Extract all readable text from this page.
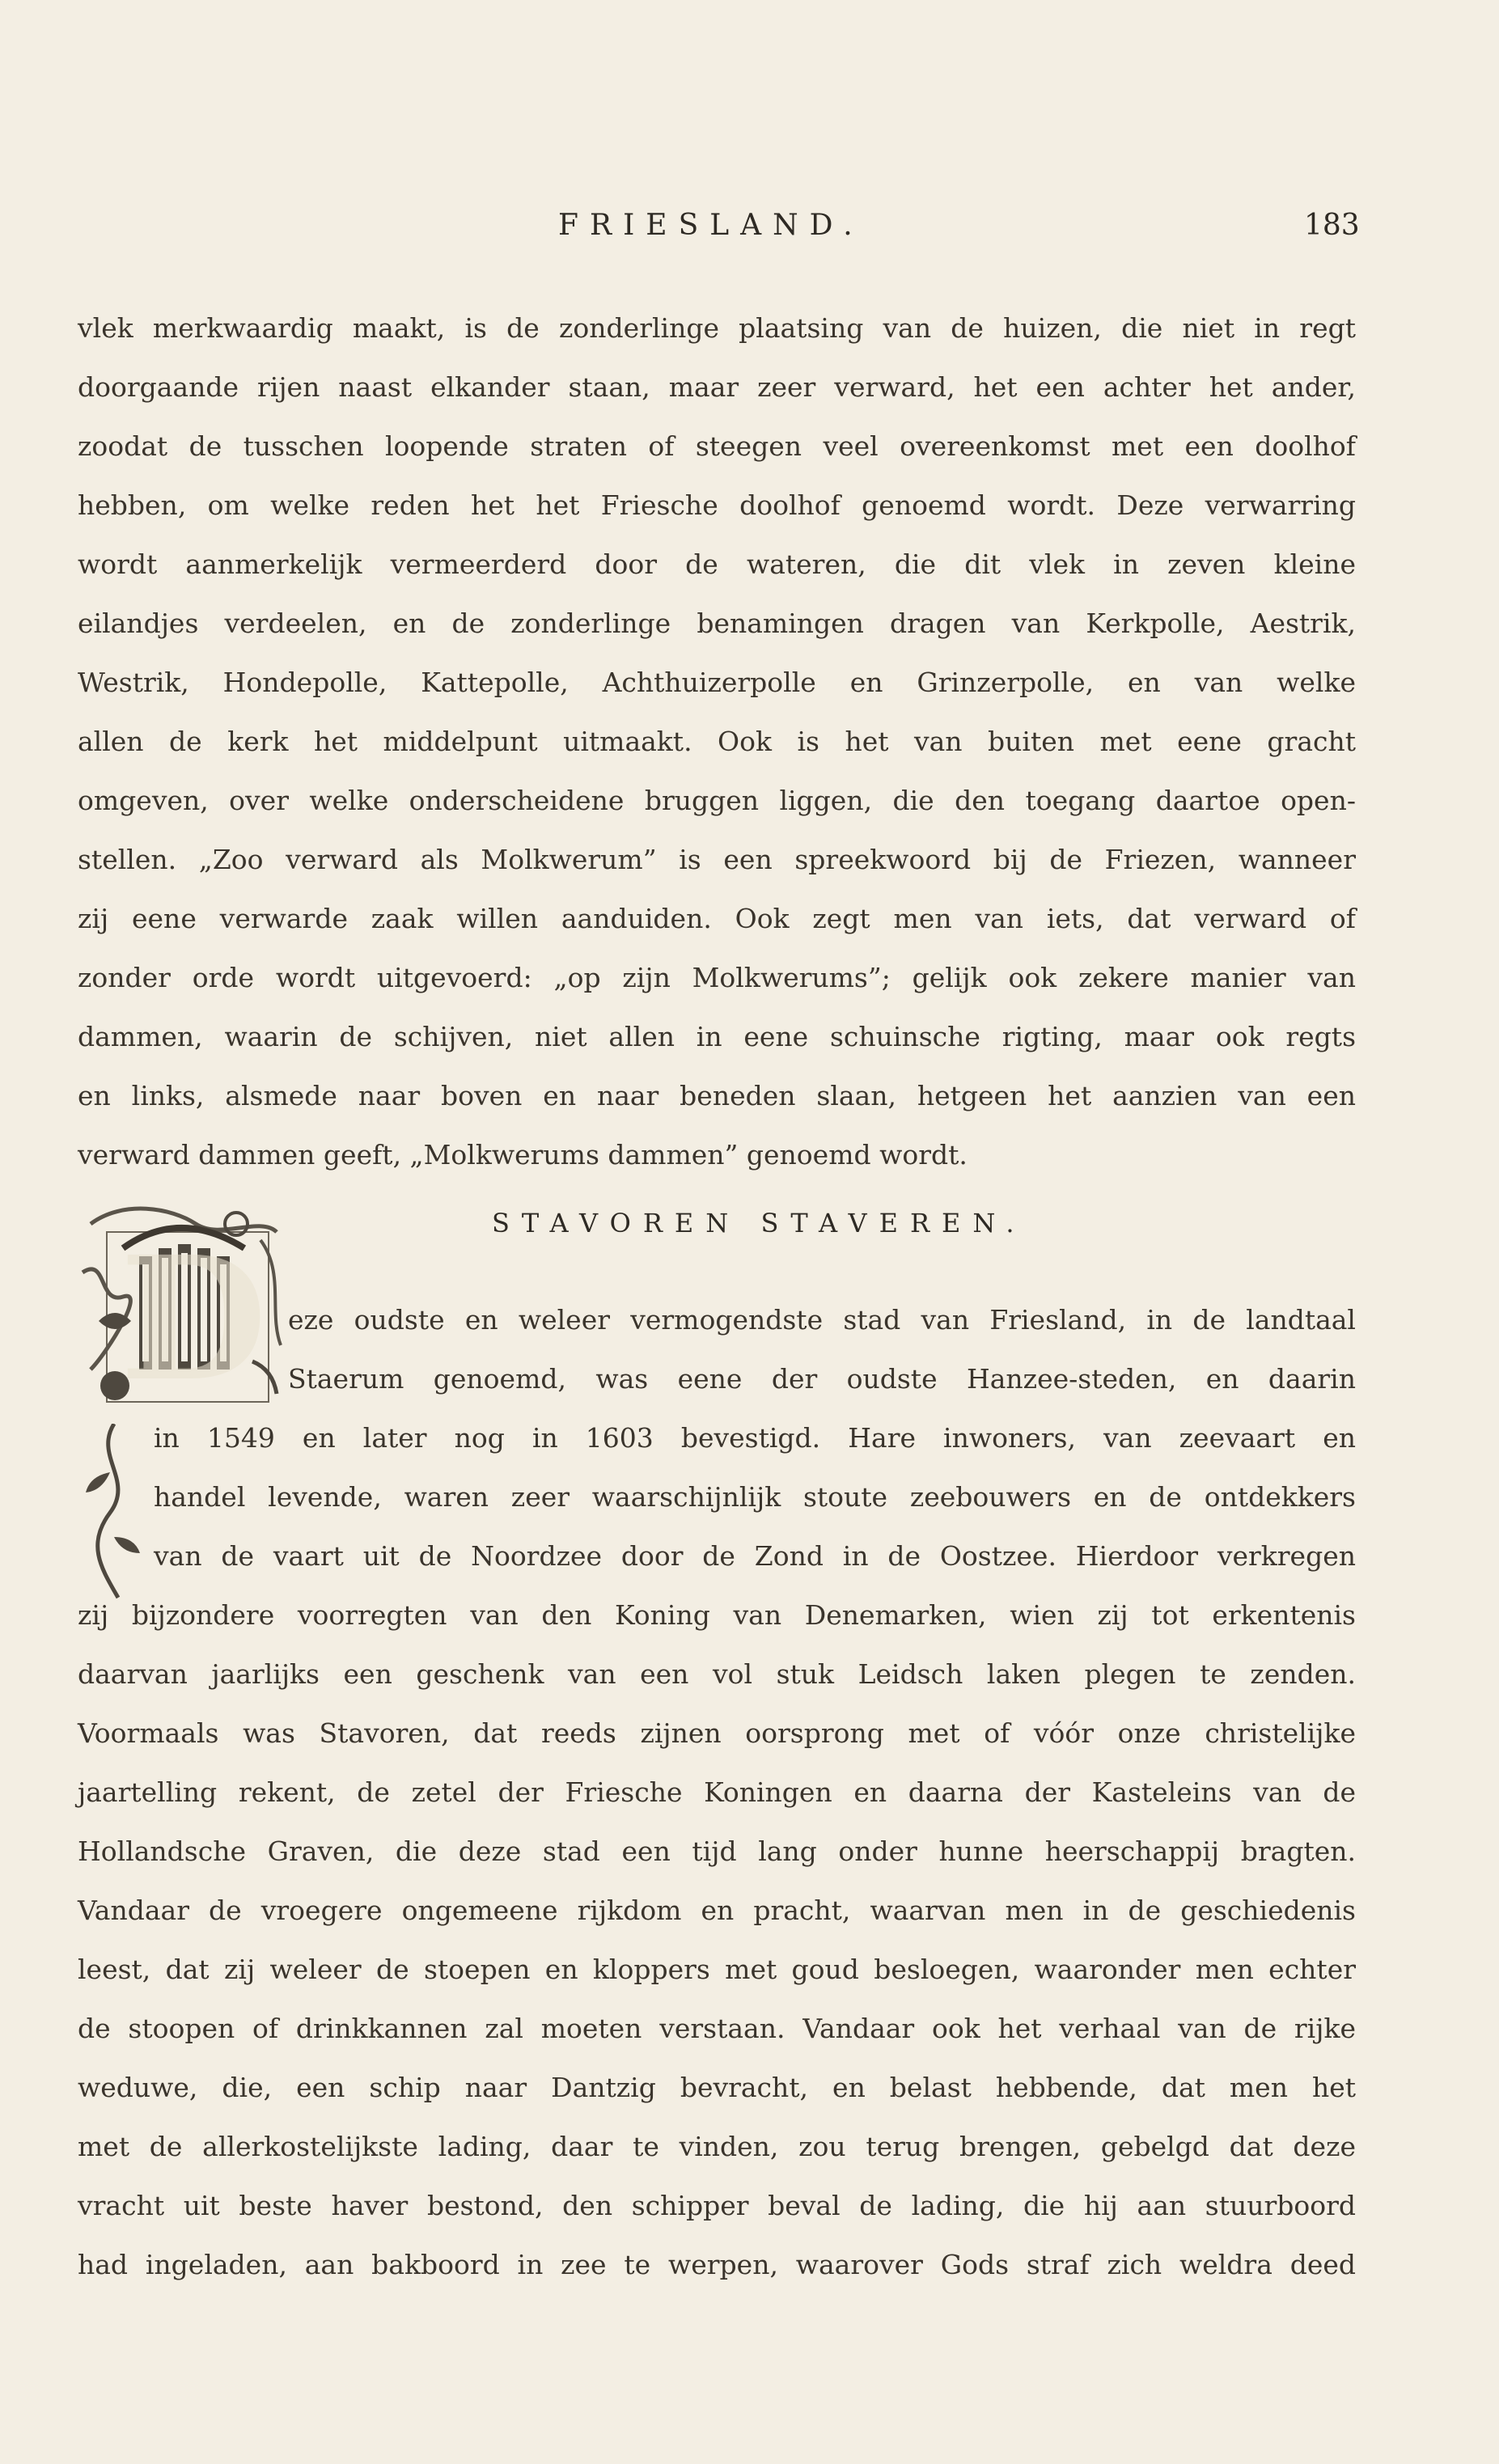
FRIESLAND.	183
vlek merkwaardig maakt, is de zonderlinge plaatsing van de huizen, die niet in regt
doorgaande rijen naast elkander staan, maar zeer verward, het een achter het ander,
zoodat de tusschen loopende straten of steegen veel overeenkomst met een doolhof
hebben, om welke reden het het Friesche doolhof genoemd wordt. Deze verwarring
wordt aanmerkelijk vermeerderd door de wateren, die dit vlek in zeven kleine
eilandjes verdeelen, en de zonderlinge benamingen dragen van Kerkpolle, Aestrik,
Westrik, Hondepolle, Kattepolle, Achthuizerpolle en Grinzerpolle, en van welke
allen de kerk het middelpunt uitmaakt. Ook is het van buiten met eene gracht
omgeven, over welke onderscheidene bruggen liggen, die den toegang daartoe open-
stellen. „Zoo verward als Molkwerum” is een spreekwoord bij de Friezen, wanneer
zij eene verwarde zaak willen aanduiden. Ook zegt men van iets, dat verward of
zonder orde wordt uitgevoerd: „op zijn Molkwerums”; gelijk ook zekere manier van
dammen, waarin de schijven, niet allen in eene schuinsche rigting, maar ook regts
en links, alsmede naar boven en naar beneden slaan, hetgeen het aanzien van een
verward dammen geeft, „Molkwerums dammen” genoemd wordt.
STAVOREN STAVEREN.
D eze oudste en weleer vermogendste stad van Friesland, in de landtaal
Staerum genoemd, was eene der oudste Hanzee-steden, en daarin
in 1549 en later nog in 1603 bevestigd. Hare inwoners, van zeevaart en
handel levende, waren zeer waarschijnlijk stoute zeebouwers en de ontdekkers
van de vaart uit de Noordzee door de Zond in de Oostzee. Hierdoor verkregen
zij bijzondere voorregten van den Koning van Denemarken, wien zij tot erkentenis
daarvan jaarlijks een geschenk van een vol stuk Leidsch laken plegen te zenden.
Voormaals was Stavoren, dat reeds zijnen oorsprong met of vóór onze christelijke
jaartelling rekent, de zetel der Friesche Koningen en daarna der Kasteleins van de
Hollandsche Graven, die deze stad een tijd lang onder hunne heerschappij bragten.
Vandaar de vroegere ongemeene rijkdom en pracht, waarvan men in de geschiedenis
leest, dat zij weleer de stoepen en kloppers met goud besloegen, waaronder men echter
de stoopen of drinkkannen zal moeten verstaan. Vandaar ook het verhaal van de rijke
weduwe, die, een schip naar Dantzig bevracht, en belast hebbende, dat men het
met de allerkostelijkste lading, daar te vinden, zou terug brengen, gebelgd dat deze
vracht uit beste haver bestond, den schipper beval de lading, die hij aan stuurboord
had ingeladen, aan bakboord in zee te werpen, waarover Gods straf zich weldra deed
